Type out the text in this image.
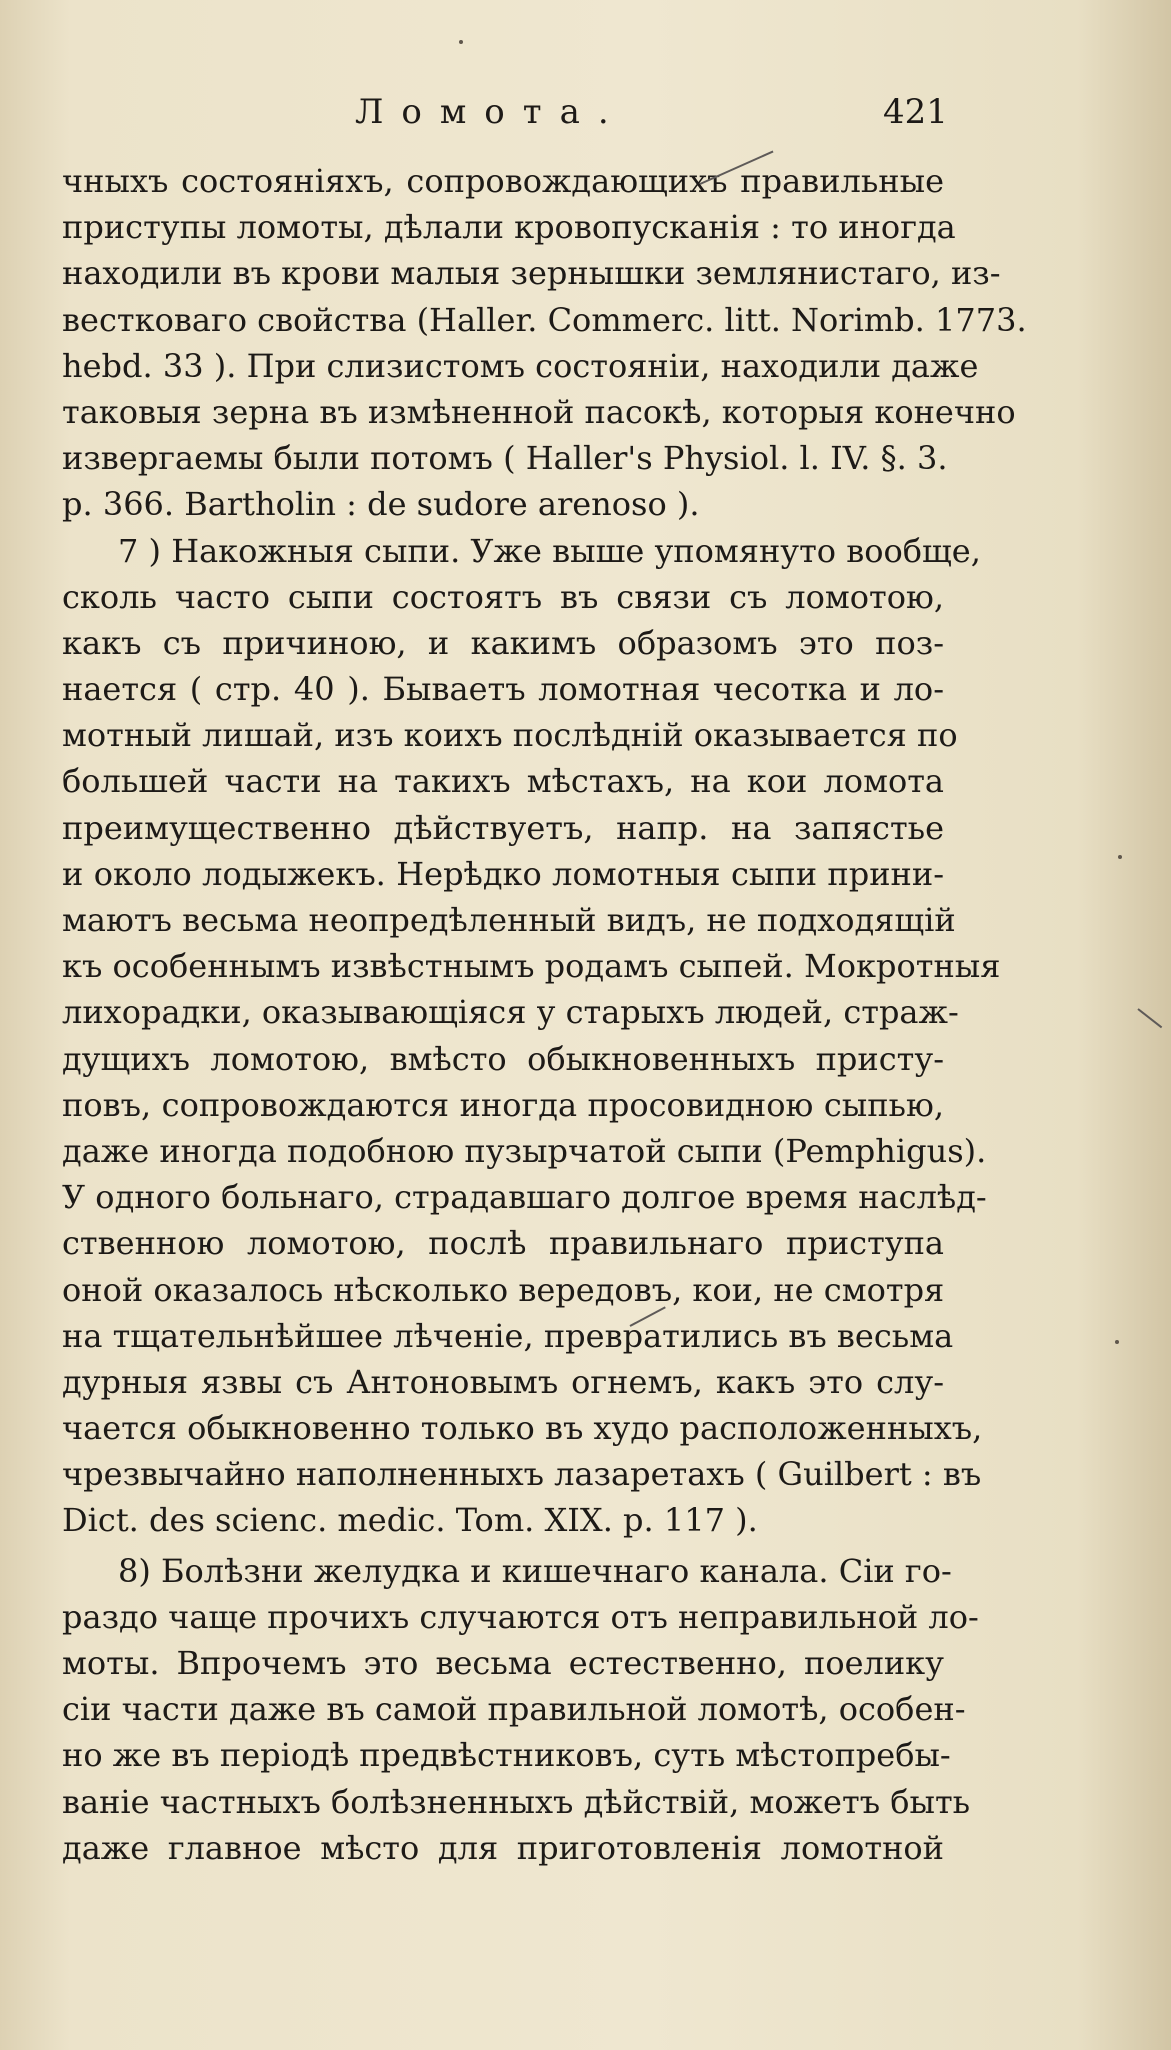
Ломота.	421
чныхъ состояніяхъ, сопровождающихъ правильные
приступы ломоты, дѣлали кровопусканія : то иногда
находили въ крови малыя зернышки землянистаго, из-
вестковаго свойства (Haller. Commerc. litt. Norimb. 1773.
hebd. 33 ). При слизистомъ состояніи, находили даже
таковыя зерна въ измѣненной пасокѣ, которыя конечно
извергаемы были потомъ ( Haller's Physiol. l. IV. §. 3.
p. 366. Bartholin : de sudore arenoso ).
7 ) Накожныя сыпи. Уже выше упомянуто вообще,
сколь часто сыпи состоятъ въ связи съ ломотою,
какъ съ причиною, и какимъ образомъ это поз-
нается ( стр. 40 ). Бываетъ ломотная чесотка и ло-
мотный лишай, изъ коихъ послѣдній оказывается по
большей части на такихъ мѣстахъ, на кои ломота
преимущественно дѣйствуетъ, напр. на запястье
и около лодыжекъ. Нерѣдко ломотныя сыпи прини-
маютъ весьма неопредѣленный видъ, не подходящій
къ особеннымъ извѣстнымъ родамъ сыпей. Мокротныя
лихорадки, оказывающіяся у старыхъ людей, страж-
дущихъ ломотою, вмѣсто обыкновенныхъ присту-
повъ, сопровождаются иногда просовидною сыпью,
даже иногда подобною пузырчатой сыпи (Pemphigus).
У одного больнаго, страдавшаго долгое время наслѣд-
ственною ломотою, послѣ правильнаго приступа
оной оказалось нѣсколько вередовъ, кои, не смотря
на тщательнѣйшее лѣченіе, превратились въ весьма
дурныя язвы съ Антоновымъ огнемъ, какъ это слу-
чается обыкновенно только въ худо расположенныхъ,
чрезвычайно наполненныхъ лазаретахъ ( Guilbert : въ
Dict. des scienc. medic. Tom. XIX. p. 117 ).
8) Болѣзни желудка и кишечнаго канала. Сіи го-
раздо чаще прочихъ случаются отъ неправильной ло-
моты. Впрочемъ это весьма естественно, поелику
сіи части даже въ самой правильной ломотѣ, особен-
но же въ періодѣ предвѣстниковъ, суть мѣстопребы-
ваніе частныхъ болѣзненныхъ дѣйствій, можетъ быть
даже главное мѣсто для приготовленія ломотной
